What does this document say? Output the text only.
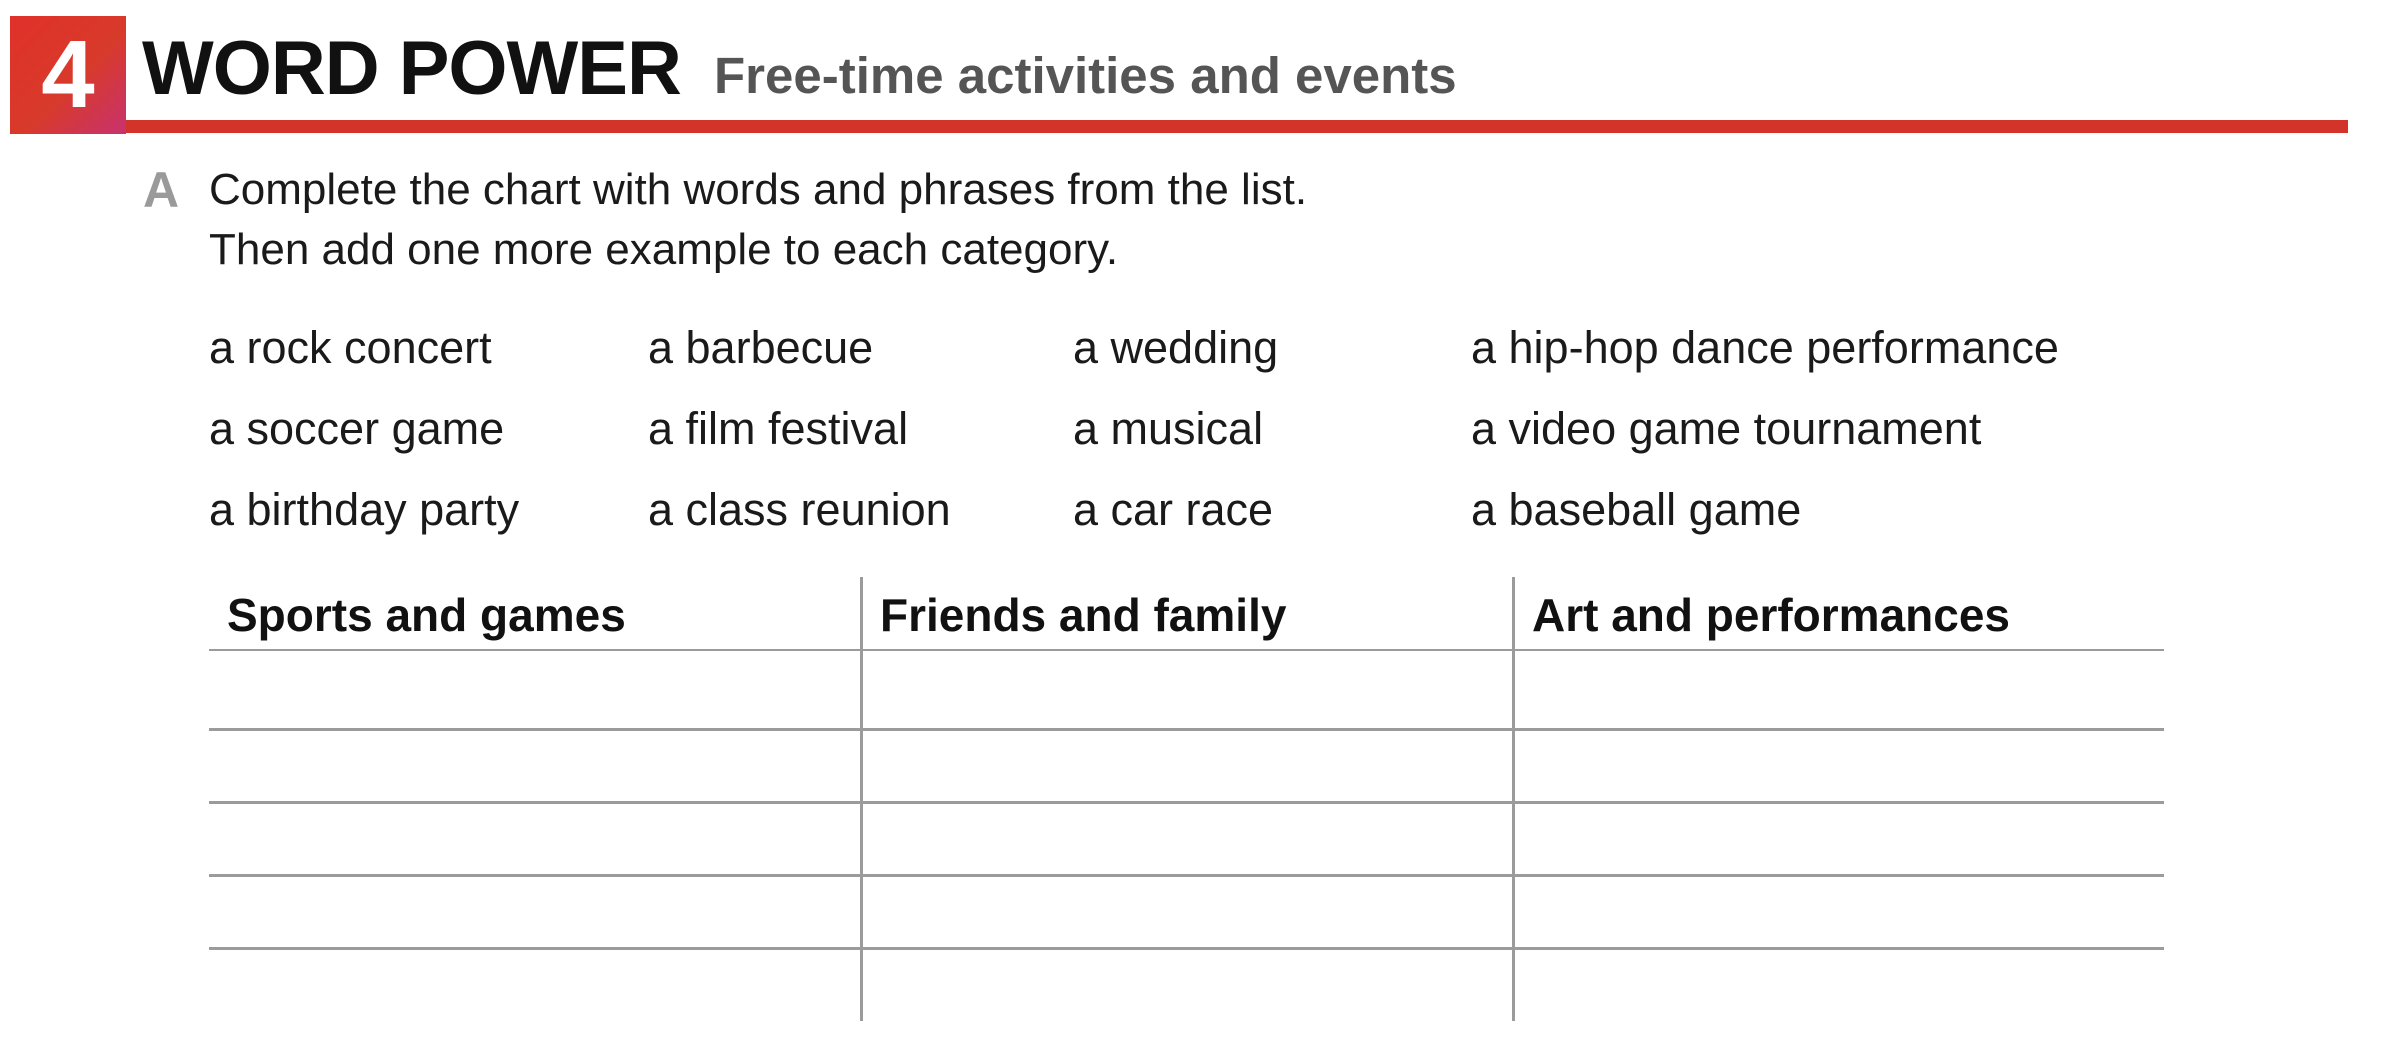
4 WORD POWER Free-time activities and events
A Complete the chart with words and phrases from the list.
Then add one more example to each category.
a rock concert	a barbecue	a wedding	a hip-hop dance performance
a soccer game	a film festival	a musical	a video game tournament
a birthday party	a class reunion	a car race	a baseball game
Sports and games	Friends and family	Art and performances
